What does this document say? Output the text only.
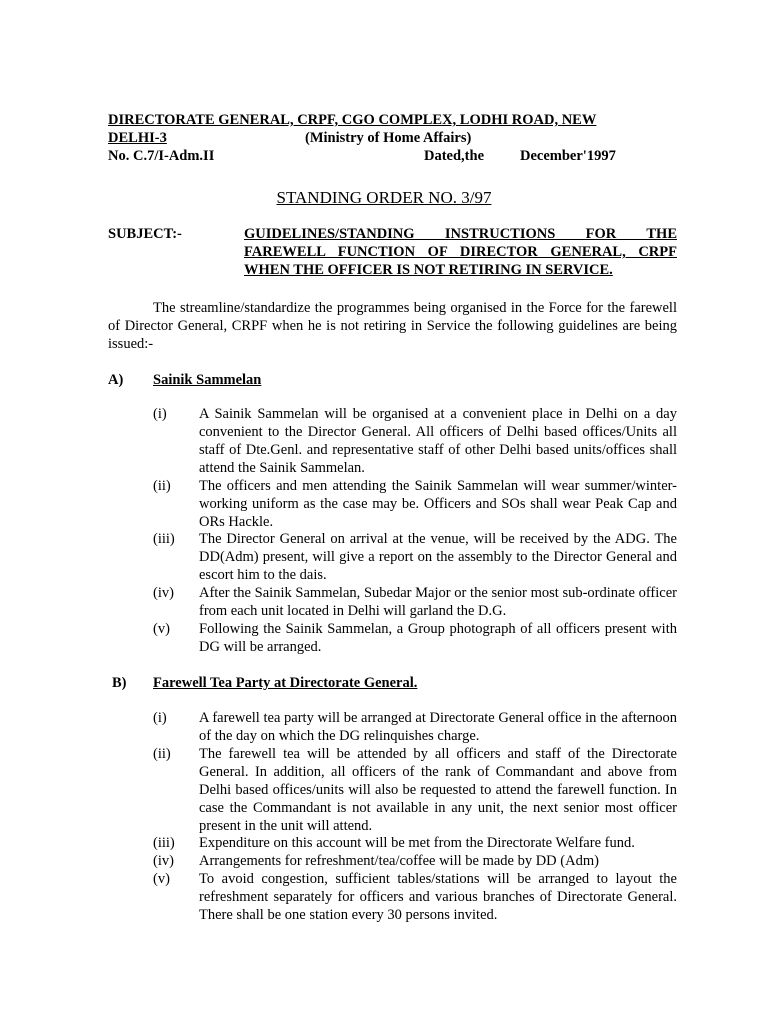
DIRECTORATE GENERAL, CRPF, CGO COMPLEX, LODHI ROAD, NEW DELHI-3	(Ministry of Home Affairs)
No. C.7/I-Adm.II	Dated,the December'1997
STANDING ORDER NO. 3/97
SUBJECT:-	GUIDELINES/STANDING INSTRUCTIONS FOR THE
FAREWELL FUNCTION OF DIRECTOR GENERAL, CRPF
WHEN THE OFFICER IS NOT RETIRING IN SERVICE.
The streamline/standardize the programmes being organised in the Force for the farewell of Director General, CRPF when he is not retiring in Service the following guidelines are being issued:-
A) Sainik Sammelan
(i) A Sainik Sammelan will be organised at a convenient place in Delhi on a day convenient to the Director General. All officers of Delhi based offices/Units all staff of Dte.Genl. and representative staff of other Delhi based units/offices shall attend the Sainik Sammelan.
(ii) The officers and men attending the Sainik Sammelan will wear summer/winter-working uniform as the case may be. Officers and SOs shall wear Peak Cap and ORs Hackle.
(iii) The Director General on arrival at the venue, will be received by the ADG. The DD(Adm) present, will give a report on the assembly to the Director General and escort him to the dais.
(iv) After the Sainik Sammelan, Subedar Major or the senior most sub-ordinate officer from each unit located in Delhi will garland the D.G.
(v) Following the Sainik Sammelan, a Group photograph of all officers present with DG will be arranged.
B) Farewell Tea Party at Directorate General.
(i) A farewell tea party will be arranged at Directorate General office in the afternoon of the day on which the DG relinquishes charge.
(ii) The farewell tea will be attended by all officers and staff of the Directorate General. In addition, all officers of the rank of Commandant and above from Delhi based offices/units will also be requested to attend the farewell function. In case the Commandant is not available in any unit, the next senior most officer present in the unit will attend.
(iii) Expenditure on this account will be met from the Directorate Welfare fund.
(iv) Arrangements for refreshment/tea/coffee will be made by DD (Adm)
(v) To avoid congestion, sufficient tables/stations will be arranged to layout the refreshment separately for officers and various branches of Directorate General. There shall be one station every 30 persons invited.
